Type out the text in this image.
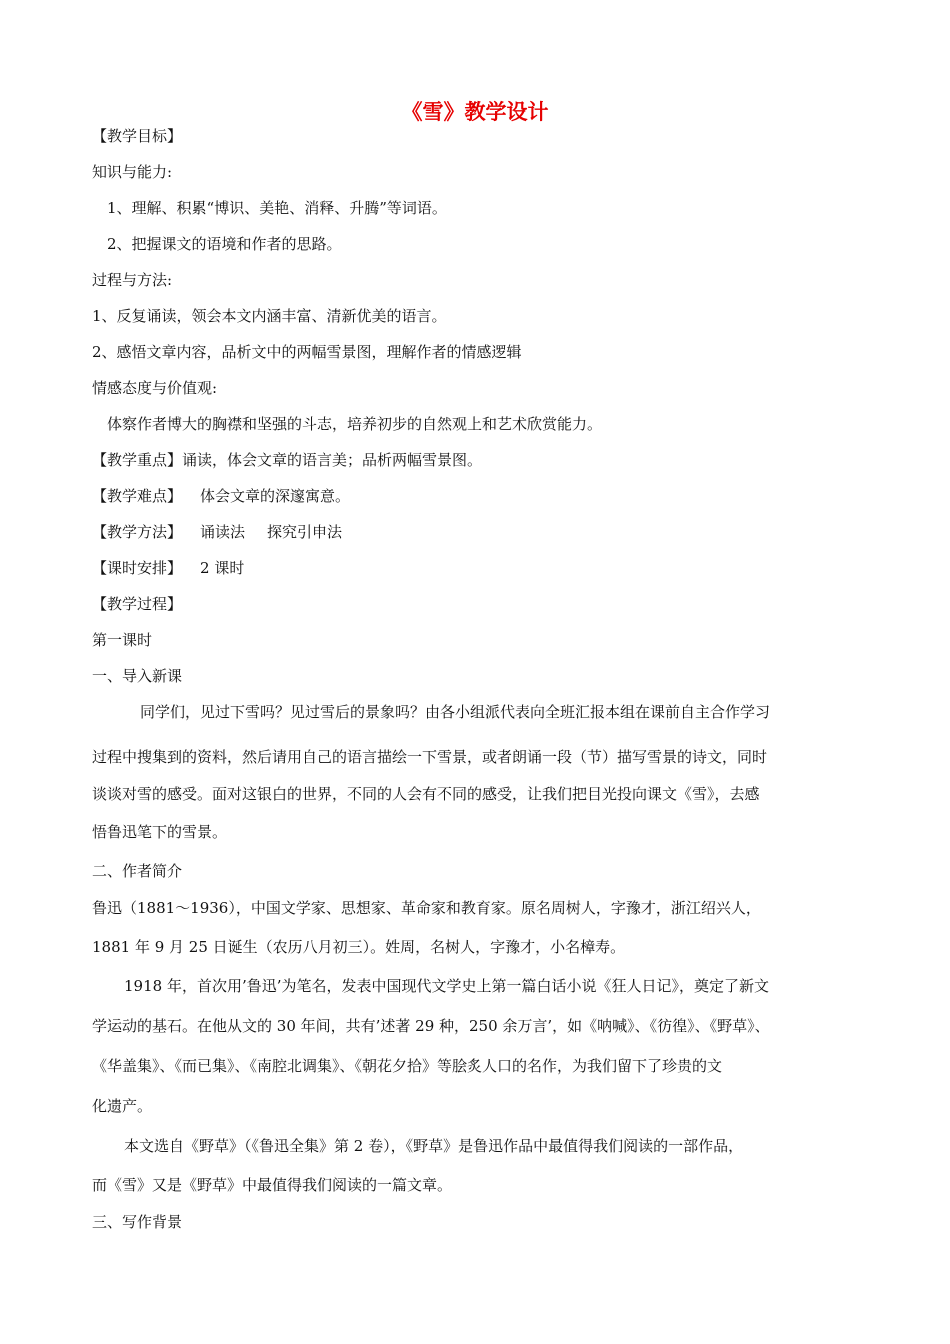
《雪》教学设计
【教学目标】
知识与能力:
1、理解、积累“博识、美艳、消释、升腾”等词语。
2、把握课文的语境和作者的思路。
过程与方法:
1、反复诵读，领会本文内涵丰富、清新优美的语言。
2、感悟文章内容，品析文中的两幅雪景图，理解作者的情感逻辑
情感态度与价值观:
体察作者博大的胸襟和坚强的斗志，培养初步的自然观上和艺术欣赏能力。
【教学重点】诵读，体会文章的语言美；品析两幅雪景图。
【教学难点】 体会文章的深邃寓意。
【教学方法】 诵读法 探究引申法
【课时安排】 2 课时
【教学过程】
第一课时
一、导入新课
同学们，见过下雪吗？见过雪后的景象吗？由各小组派代表向全班汇报本组在课前自主合作学习
过程中搜集到的资料，然后请用自己的语言描绘一下雪景，或者朗诵一段（节）描写雪景的诗文，同时
谈谈对雪的感受。面对这银白的世界，不同的人会有不同的感受，让我们把目光投向课文《雪》，去感
悟鲁迅笔下的雪景。
二、作者简介
鲁迅（1881～1936），中国文学家、思想家、革命家和教育家。原名周树人，字豫才，浙江绍兴人，
1881 年 9 月 25 日诞生（农历八月初三）。姓周，名树人，字豫才，小名樟寿。
1918 年，首次用’鲁迅’为笔名，发表中国现代文学史上第一篇白话小说《狂人日记》，奠定了新文
学运动的基石。在他从文的 30 年间，共有’述著 29 种，250 余万言’，如《呐喊》、《彷徨》、《野草》、
《华盖集》、《而已集》、《南腔北调集》、《朝花夕拾》等脍炙人口的名作，为我们留下了珍贵的文
化遗产。
本文选自《野草》（《鲁迅全集》第 2 卷），《野草》是鲁迅作品中最值得我们阅读的一部作品，
而《雪》又是《野草》中最值得我们阅读的一篇文章。
三、写作背景
